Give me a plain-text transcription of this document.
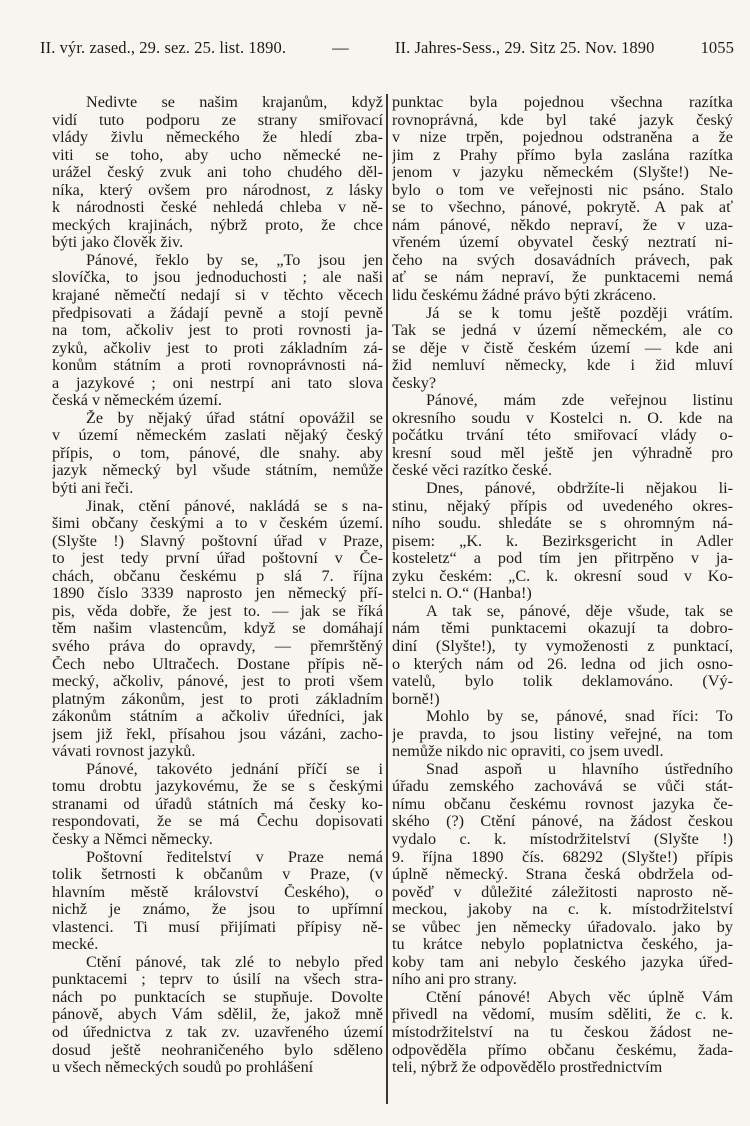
II. výr. zased., 29. sez. 25. list. 1890.	—	II. Jahres-Sess., 29. Sitz 25. Nov. 1890	1055
Nedivte se našim krajanům, když
vidí tuto podporu ze strany smiřovací
vlády živlu německého že hledí zba-
viti se toho, aby ucho německé ne-
urážel český zvuk ani toho chudého děl-
níka, který ovšem pro národnost, z lásky
k národnosti české nehledá chleba v ně-
meckých krajinách, nýbrž proto, že chce
býti jako člověk živ.
Pánové, řeklo by se, „To jsou jen
slovíčka, to jsou jednoduchosti ; ale naši
krajané němečtí nedají si v těchto věcech
předpisovati a žádají pevně a stojí pevně
na tom, ačkoliv jest to proti rovnosti ja-
zyků, ačkoliv jest to proti základním zá-
konům státním a proti rovnoprávnosti ná-
a jazykové ; oni nestrpí ani tato slova
česká v německém území.
Že by nějaký úřad státní opovážil se
v území německém zaslati nějaký český
přípis, o tom, pánové, dle snahy. aby
jazyk německý byl všude státním, nemůže
býti ani řeči.
Jinak, ctění pánové, nakládá se s na-
šimi občany českými a to v českém území.
(Slyšte !) Slavný poštovní úřad v Praze,
to jest tedy první úřad poštovní v Če-
chách, občanu českému p slá 7. října
1890 číslo 3339 naprosto jen německý pří-
pis, věda dobře, že jest to. — jak se říká
těm našim vlastencům, když se domáhají
svého práva do opravdy, — přemrštěný
Čech nebo Ultračech. Dostane přípis ně-
mecký, ačkoliv, pánové, jest to proti všem
platným zákonům, jest to proti základním
zákonům státním a ačkoliv úředníci, jak
jsem již řekl, přísahou jsou vázáni, zacho-
vávati rovnost jazyků.
Pánové, takovéto jednání příčí se i
tomu drobtu jazykovému, že se s českými
stranami od úřadů státních má česky ko-
respondovati, že se má Čechu dopisovati
česky a Němci německy.
Poštovní ředitelství v Praze nemá
tolik šetrnosti k občanům v Praze, (v
hlavním městě království Českého), o
nichž je známo, že jsou to upřímní
vlastenci. Ti musí přijímati přípisy ně-
mecké.
Ctění pánové, tak zlé to nebylo před
punktacemi ; teprv to úsilí na všech stra-
nách po punktacích se stupňuje. Dovolte
pánově, abych Vám sdělil, že, jakož mně
od úřednictva z tak zv. uzavřeného území
dosud ještě neohraničeného bylo sděleno
u všech německých soudů po prohlášení
punktac byla pojednou všechna razítka
rovnoprávná, kde byl také jazyk český
v nize trpěn, pojednou odstraněna a že
jim z Prahy přímo byla zaslána razítka
jenom v jazyku německém (Slyšte!) Ne-
bylo o tom ve veřejnosti nic psáno. Stalo
se to všechno, pánové, pokrytě. A pak ať
nám pánové, někdo nepraví, že v uza-
vřeném území obyvatel český neztratí ni-
čeho na svých dosavádních právech, pak
ať se nám nepraví, že punktacemi nemá
lidu českému žádné právo býti zkráceno.
Já se k tomu ještě později vrátím.
Tak se jedná v území německém, ale co
se děje v čistě českém území — kde ani
žid nemluví německy, kde i žid mluví
česky?
Pánové, mám zde veřejnou listinu
okresního soudu v Kostelci n. O. kde na
počátku trvání této smiřovací vlády o-
kresní soud měl ještě jen výhradně pro
české věci razítko české.
Dnes, pánové, obdržíte-li nějakou li-
stinu, nějaký přípis od uvedeného okres-
ního soudu. shledáte se s ohromným ná-
pisem: „K. k. Bezirksgericht in Adler
kosteletz“ a pod tím jen přitrpěno v ja-
zyku českém: „C. k. okresní soud v Ko-
stelci n. O.“ (Hanba!)
A tak se, pánové, děje všude, tak se
nám těmi punktacemi okazují ta dobro-
diní (Slyšte!), ty vymoženosti z punktací,
o kterých nám od 26. ledna od jich osno-
vatelů, bylo tolik deklamováno. (Vý-
borně!)
Mohlo by se, pánové, snad říci: To
je pravda, to jsou listiny veřejné, na tom
nemůže nikdo nic opraviti, co jsem uvedl.
Snad aspoň u hlavního ústředního
úřadu zemského zachovává se vůči stát-
nímu občanu českému rovnost jazyka če-
ského (?) Ctění pánové, na žádost českou
vydalo c. k. místodržitelství (Slyšte !)
9. října 1890 čís. 68292 (Slyšte!) přípis
úplně německý. Strana česká obdržela od-
pověď v důležité záležitosti naprosto ně-
meckou, jakoby na c. k. místodržitelství
se vůbec jen německy úřadovalo. jako by
tu krátce nebylo poplatnictva českého, ja-
koby tam ani nebylo českého jazyka úřed-
ního ani pro strany.
Ctění pánové! Abych věc úplně Vám
přivedl na vědomí, musím sděliti, že c. k.
místodržitelství na tu českou žádost ne-
odpověděla přímo občanu českému, žada-
teli, nýbrž že odpovědělo prostřednictvím
